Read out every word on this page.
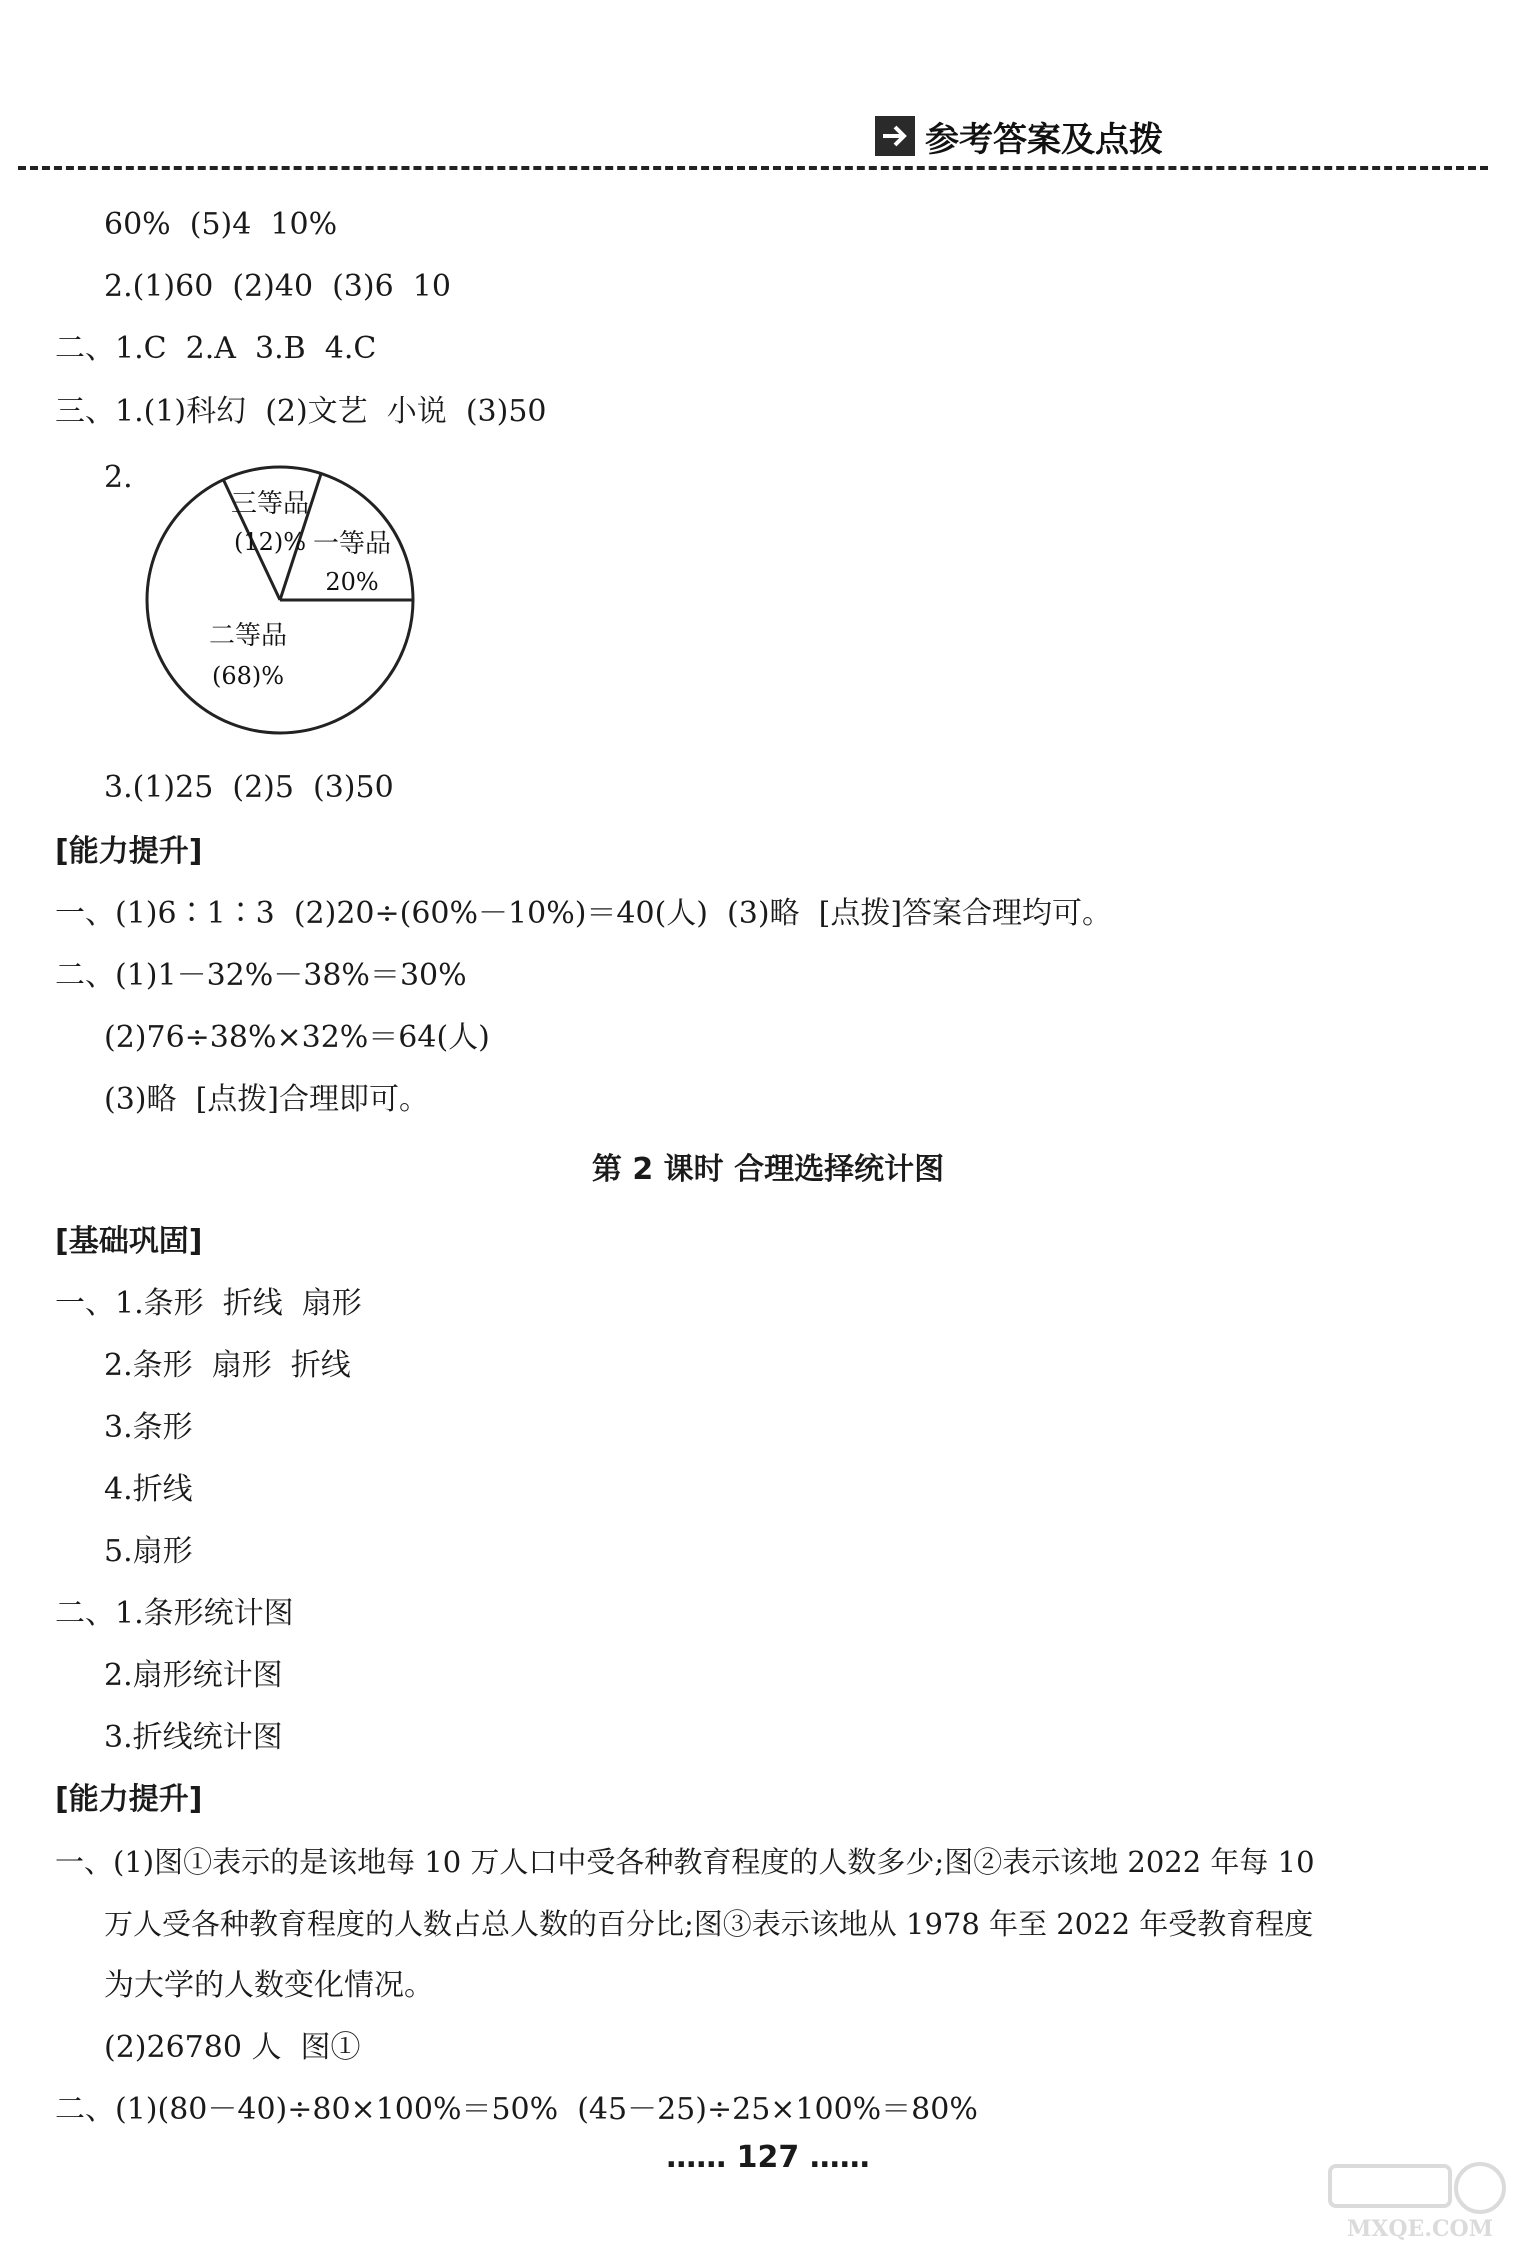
参考答案及点拨
60%  (5)4  10%
2.(1)60  (2)40  (3)6  10
二、1.C  2.A  3.B  4.C
三、1.(1)科幻  (2)文艺  小说  (3)50
2.
一等品
20%
二等品
(68)%
三等品
(12)%
3.(1)25  (2)5  (3)50
[能力提升]
一、(1)6∶1∶3  (2)20÷(60%－10%)＝40(人)  (3)略  [点拨]答案合理均可。
二、(1)1－32%－38%＝30%
(2)76÷38%×32%＝64(人)
(3)略  [点拨]合理即可。
第 2 课时 合理选择统计图
[基础巩固]
一、1.条形  折线  扇形
2.条形  扇形  折线
3.条形
4.折线
5.扇形
二、1.条形统计图
2.扇形统计图
3.折线统计图
[能力提升]
一、(1)图①表示的是该地每 10 万人口中受各种教育程度的人数多少;图②表示该地 2022 年每 10
万人受各种教育程度的人数占总人数的百分比;图③表示该地从 1978 年至 2022 年受教育程度
为大学的人数变化情况。
(2)26780 人  图①
二、(1)(80－40)÷80×100%＝50%  (45－25)÷25×100%＝80%
…… 127 ……
MXQE.COM
